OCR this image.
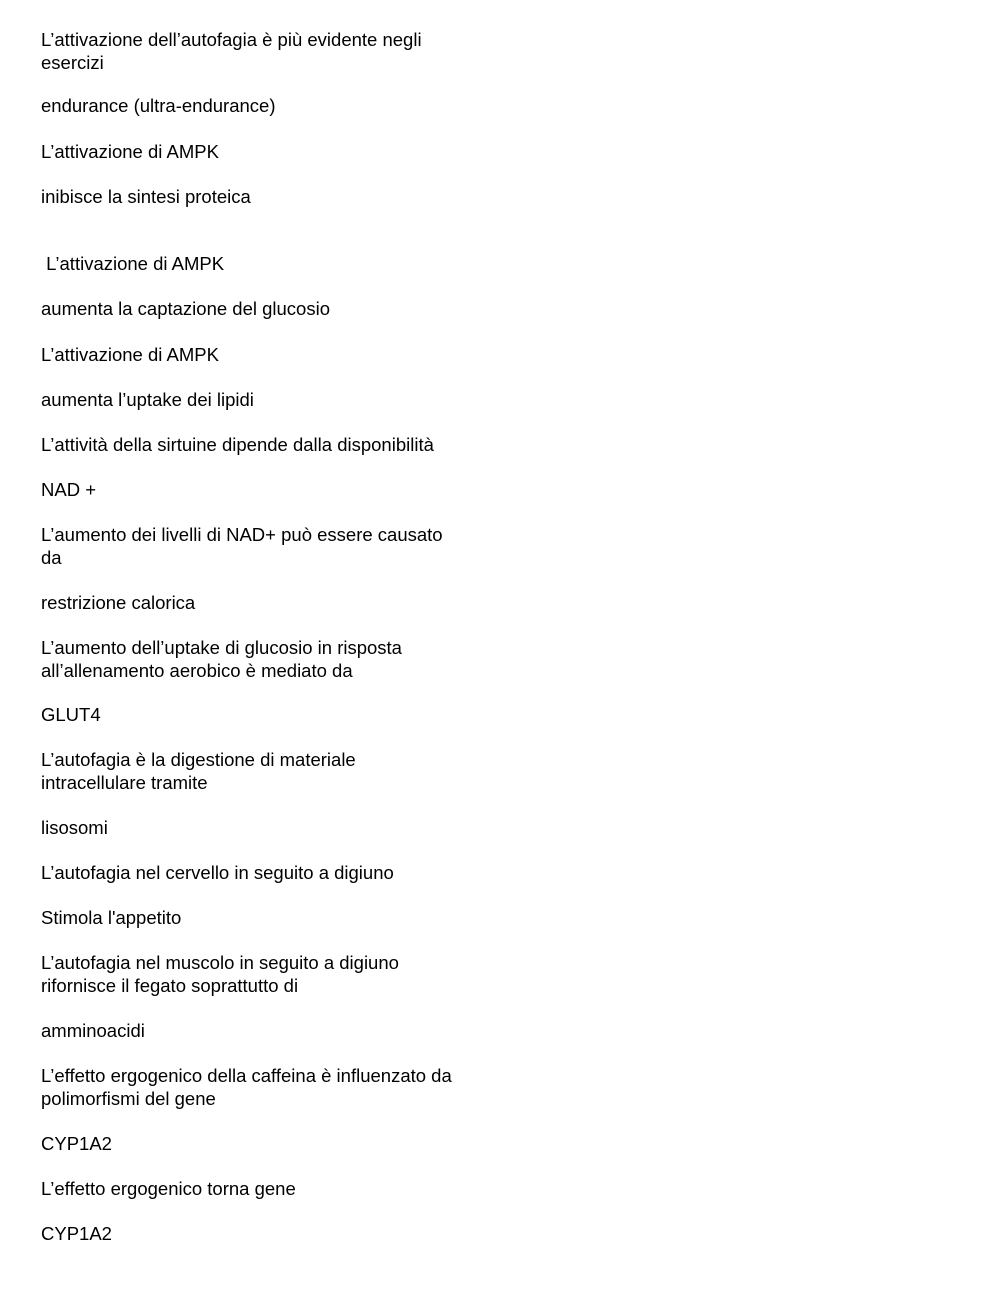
L’attivazione dell’autofagia è più evidente negli
esercizi

endurance (ultra-endurance)

L’attivazione di AMPK

inibisce la sintesi proteica

L’attivazione di AMPK

aumenta la captazione del glucosio

L’attivazione di AMPK

aumenta l’uptake dei lipidi

L’attività della sirtuine dipende dalla disponibilità

NAD +

L’aumento dei livelli di NAD+ può essere causato
da

restrizione calorica

L’aumento dell’uptake di glucosio in risposta
all’allenamento aerobico è mediato da

GLUT4

L’autofagia è la digestione di materiale
intracellulare tramite

lisosomi

L’autofagia nel cervello in seguito a digiuno

Stimola l'appetito

L’autofagia nel muscolo in seguito a digiuno
rifornisce il fegato soprattutto di

amminoacidi

L’effetto ergogenico della caffeina è influenzato da
polimorfismi del gene

CYP1A2

L’effetto ergogenico torna gene

CYP1A2
